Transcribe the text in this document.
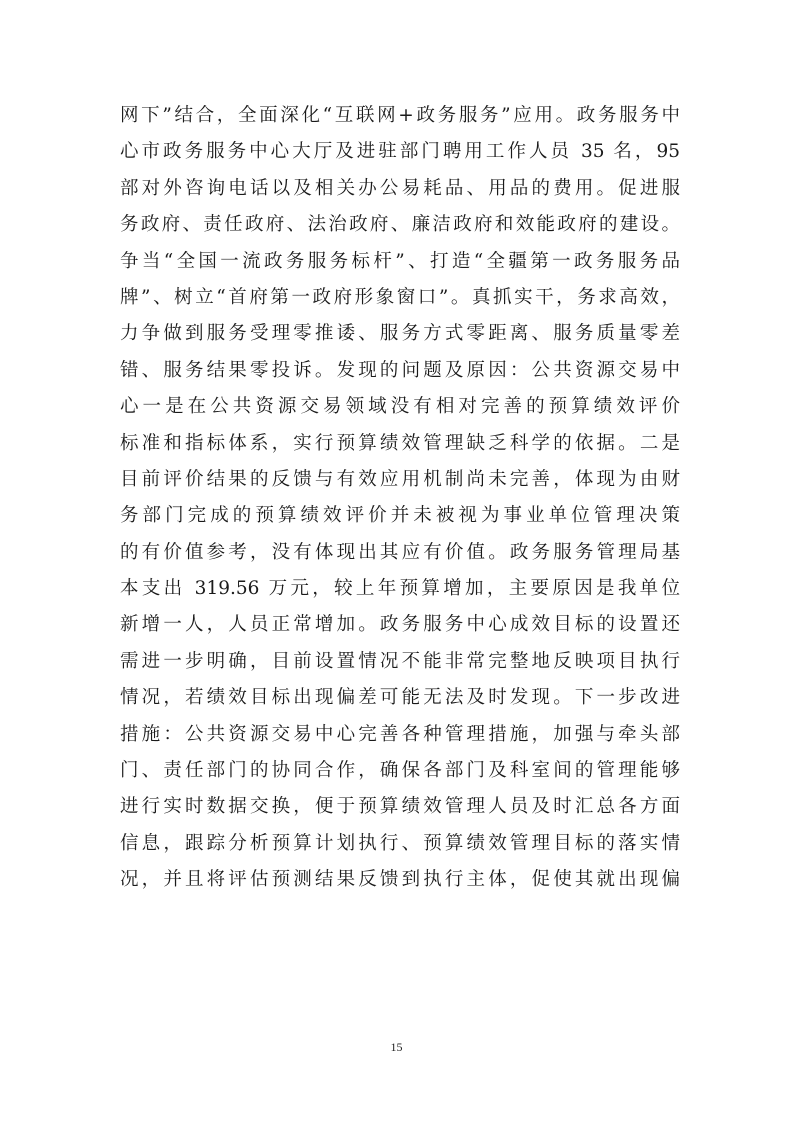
网下”结合，全面深化“互联网+政务服务”应用。政务服务中
心市政务服务中心大厅及进驻部门聘用工作人员 35 名，95
部对外咨询电话以及相关办公易耗品、用品的费用。促进服
务政府、责任政府、法治政府、廉洁政府和效能政府的建设。
争当“全国一流政务服务标杆”、打造“全疆第一政务服务品
牌”、树立“首府第一政府形象窗口”。真抓实干，务求高效，
力争做到服务受理零推诿、服务方式零距离、服务质量零差
错、服务结果零投诉。发现的问题及原因：公共资源交易中
心一是在公共资源交易领域没有相对完善的预算绩效评价
标准和指标体系，实行预算绩效管理缺乏科学的依据。二是
目前评价结果的反馈与有效应用机制尚未完善，体现为由财
务部门完成的预算绩效评价并未被视为事业单位管理决策
的有价值参考，没有体现出其应有价值。政务服务管理局基
本支出 319.56 万元，较上年预算增加，主要原因是我单位
新增一人，人员正常增加。政务服务中心成效目标的设置还
需进一步明确，目前设置情况不能非常完整地反映项目执行
情况，若绩效目标出现偏差可能无法及时发现。下一步改进
措施：公共资源交易中心完善各种管理措施，加强与牵头部
门、责任部门的协同合作，确保各部门及科室间的管理能够
进行实时数据交换，便于预算绩效管理人员及时汇总各方面
信息，跟踪分析预算计划执行、预算绩效管理目标的落实情
况，并且将评估预测结果反馈到执行主体，促使其就出现偏
15
